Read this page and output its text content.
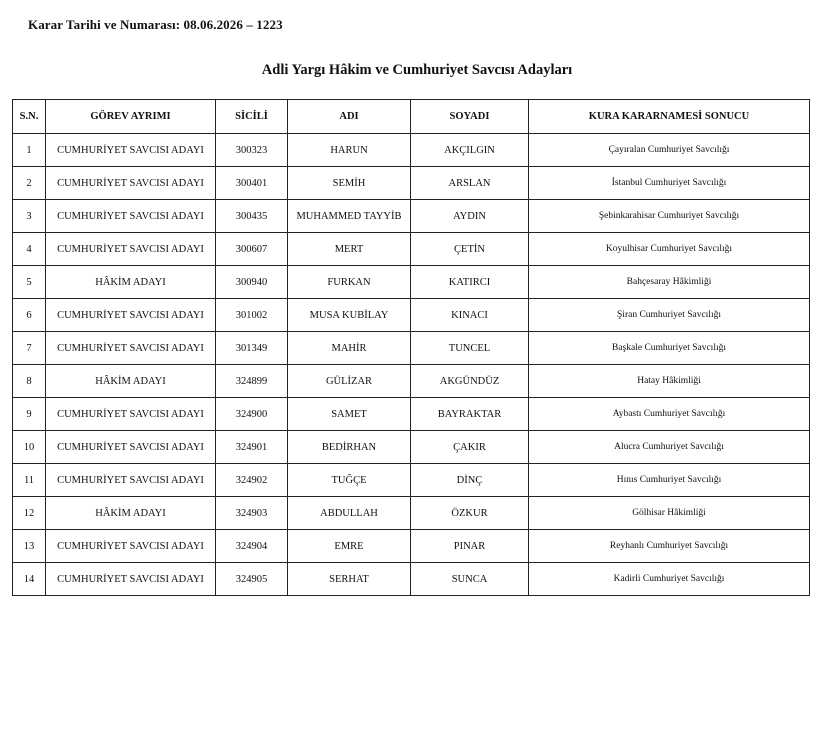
Karar Tarihi ve Numarası: 08.06.2026 – 1223
Adli Yargı Hâkim ve Cumhuriyet Savcısı Adayları
S.N.	GÖREV AYRIMI	SİCİLİ	ADI	SOYADI	KURA KARARNAMESİ SONUCU
1	CUMHURİYET SAVCISI ADAYI	300323	HARUN	AKÇILGIN	Çayıralan Cumhuriyet Savcılığı
2	CUMHURİYET SAVCISI ADAYI	300401	SEMİH	ARSLAN	İstanbul Cumhuriyet Savcılığı
3	CUMHURİYET SAVCISI ADAYI	300435	MUHAMMED TAYYİB	AYDIN	Şebinkarahisar Cumhuriyet Savcılığı
4	CUMHURİYET SAVCISI ADAYI	300607	MERT	ÇETİN	Koyulhisar Cumhuriyet Savcılığı
5	HÂKİM ADAYI	300940	FURKAN	KATIRCI	Bahçesaray Hâkimliği
6	CUMHURİYET SAVCISI ADAYI	301002	MUSA KUBİLAY	KINACI	Şiran Cumhuriyet Savcılığı
7	CUMHURİYET SAVCISI ADAYI	301349	MAHİR	TUNCEL	Başkale Cumhuriyet Savcılığı
8	HÂKİM ADAYI	324899	GÜLİZAR	AKGÜNDÜZ	Hatay Hâkimliği
9	CUMHURİYET SAVCISI ADAYI	324900	SAMET	BAYRAKTAR	Aybastı Cumhuriyet Savcılığı
10	CUMHURİYET SAVCISI ADAYI	324901	BEDİRHAN	ÇAKIR	Alucra Cumhuriyet Savcılığı
11	CUMHURİYET SAVCISI ADAYI	324902	TUĞÇE	DİNÇ	Hınıs Cumhuriyet Savcılığı
12	HÂKİM ADAYI	324903	ABDULLAH	ÖZKUR	Gölhisar Hâkimliği
13	CUMHURİYET SAVCISI ADAYI	324904	EMRE	PINAR	Reyhanlı Cumhuriyet Savcılığı
14	CUMHURİYET SAVCISI ADAYI	324905	SERHAT	SUNCA	Kadirli Cumhuriyet Savcılığı
